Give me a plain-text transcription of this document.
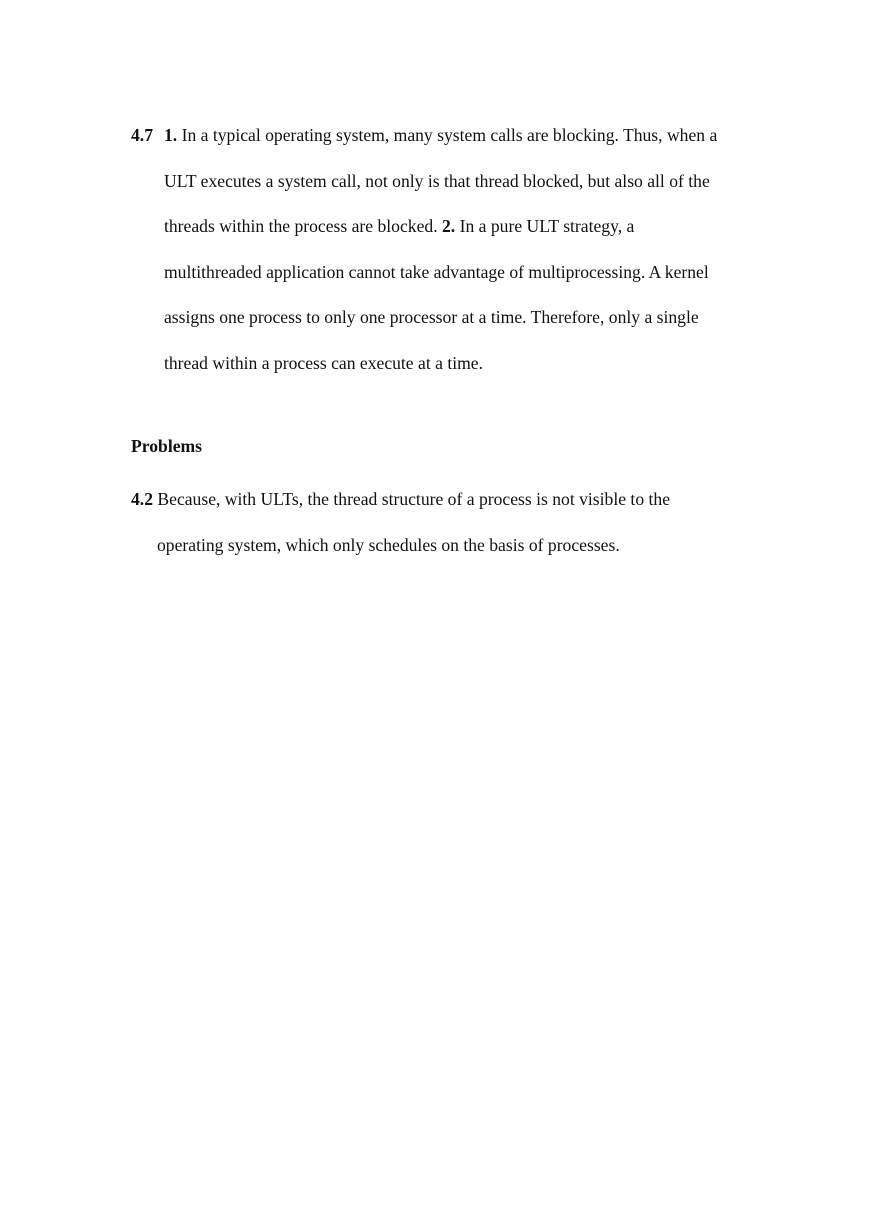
4.7 1. In a typical operating system, many system calls are blocking. Thus, when a ULT executes a system call, not only is that thread blocked, but also all of the threads within the process are blocked. 2. In a pure ULT strategy, a multithreaded application cannot take advantage of multiprocessing. A kernel assigns one process to only one processor at a time. Therefore, only a single thread within a process can execute at a time.
Problems
4.2 Because, with ULTs, the thread structure of a process is not visible to the operating system, which only schedules on the basis of processes.
